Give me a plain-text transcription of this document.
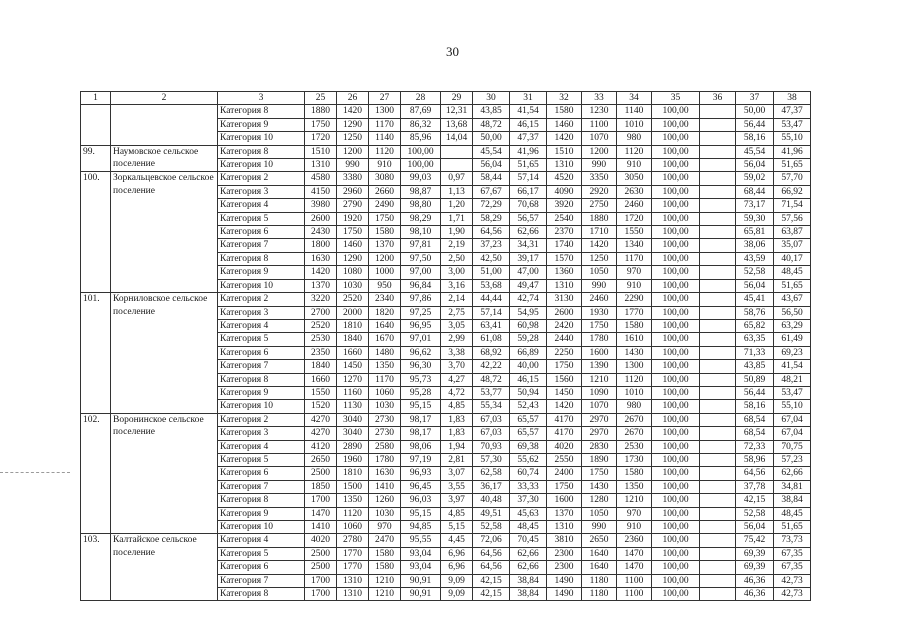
30

1	2	3	25	26	27	28	29	30	31	32	33	34	35	36	37	38
		Категория 8	1880	1420	1300	87,69	12,31	43,85	41,54	1580	1230	1140	100,00		50,00	47,37
		Категория 9	1750	1290	1170	86,32	13,68	48,72	46,15	1460	1100	1010	100,00		56,44	53,47
		Категория 10	1720	1250	1140	85,96	14,04	50,00	47,37	1420	1070	980	100,00		58,16	55,10
99.	Наумовское сельское поселение	Категория 8	1510	1200	1120	100,00		45,54	41,96	1510	1200	1120	100,00		45,54	41,96
		Категория 10	1310	990	910	100,00		56,04	51,65	1310	990	910	100,00		56,04	51,65
100.	Зоркальцевское сельское поселение	Категория 2	4580	3380	3080	99,03	0,97	58,44	57,14	4520	3350	3050	100,00		59,02	57,70
		Категория 3	4150	2960	2660	98,87	1,13	67,67	66,17	4090	2920	2630	100,00		68,44	66,92
		Категория 4	3980	2790	2490	98,80	1,20	72,29	70,68	3920	2750	2460	100,00		73,17	71,54
		Категория 5	2600	1920	1750	98,29	1,71	58,29	56,57	2540	1880	1720	100,00		59,30	57,56
		Категория 6	2430	1750	1580	98,10	1,90	64,56	62,66	2370	1710	1550	100,00		65,81	63,87
		Категория 7	1800	1460	1370	97,81	2,19	37,23	34,31	1740	1420	1340	100,00		38,06	35,07
		Категория 8	1630	1290	1200	97,50	2,50	42,50	39,17	1570	1250	1170	100,00		43,59	40,17
		Категория 9	1420	1080	1000	97,00	3,00	51,00	47,00	1360	1050	970	100,00		52,58	48,45
		Категория 10	1370	1030	950	96,84	3,16	53,68	49,47	1310	990	910	100,00		56,04	51,65
101.	Корниловское сельское поселение	Категория 2	3220	2520	2340	97,86	2,14	44,44	42,74	3130	2460	2290	100,00		45,41	43,67
		Категория 3	2700	2000	1820	97,25	2,75	57,14	54,95	2600	1930	1770	100,00		58,76	56,50
		Категория 4	2520	1810	1640	96,95	3,05	63,41	60,98	2420	1750	1580	100,00		65,82	63,29
		Категория 5	2530	1840	1670	97,01	2,99	61,08	59,28	2440	1780	1610	100,00		63,35	61,49
		Категория 6	2350	1660	1480	96,62	3,38	68,92	66,89	2250	1600	1430	100,00		71,33	69,23
		Категория 7	1840	1450	1350	96,30	3,70	42,22	40,00	1750	1390	1300	100,00		43,85	41,54
		Категория 8	1660	1270	1170	95,73	4,27	48,72	46,15	1560	1210	1120	100,00		50,89	48,21
		Категория 9	1550	1160	1060	95,28	4,72	53,77	50,94	1450	1090	1010	100,00		56,44	53,47
		Категория 10	1520	1130	1030	95,15	4,85	55,34	52,43	1420	1070	980	100,00		58,16	55,10
102.	Воронинское сельское поселение	Категория 2	4270	3040	2730	98,17	1,83	67,03	65,57	4170	2970	2670	100,00		68,54	67,04
		Категория 3	4270	3040	2730	98,17	1,83	67,03	65,57	4170	2970	2670	100,00		68,54	67,04
		Категория 4	4120	2890	2580	98,06	1,94	70,93	69,38	4020	2830	2530	100,00		72,33	70,75
		Категория 5	2650	1960	1780	97,19	2,81	57,30	55,62	2550	1890	1730	100,00		58,96	57,23
		Категория 6	2500	1810	1630	96,93	3,07	62,58	60,74	2400	1750	1580	100,00		64,56	62,66
		Категория 7	1850	1500	1410	96,45	3,55	36,17	33,33	1750	1430	1350	100,00		37,78	34,81
		Категория 8	1700	1350	1260	96,03	3,97	40,48	37,30	1600	1280	1210	100,00		42,15	38,84
		Категория 9	1470	1120	1030	95,15	4,85	49,51	45,63	1370	1050	970	100,00		52,58	48,45
		Категория 10	1410	1060	970	94,85	5,15	52,58	48,45	1310	990	910	100,00		56,04	51,65
103.	Калтайское сельское поселение	Категория 4	4020	2780	2470	95,55	4,45	72,06	70,45	3810	2650	2360	100,00		75,42	73,73
		Категория 5	2500	1770	1580	93,04	6,96	64,56	62,66	2300	1640	1470	100,00		69,39	67,35
		Категория 6	2500	1770	1580	93,04	6,96	64,56	62,66	2300	1640	1470	100,00		69,39	67,35
		Категория 7	1700	1310	1210	90,91	9,09	42,15	38,84	1490	1180	1100	100,00		46,36	42,73
		Категория 8	1700	1310	1210	90,91	9,09	42,15	38,84	1490	1180	1100	100,00		46,36	42,73
